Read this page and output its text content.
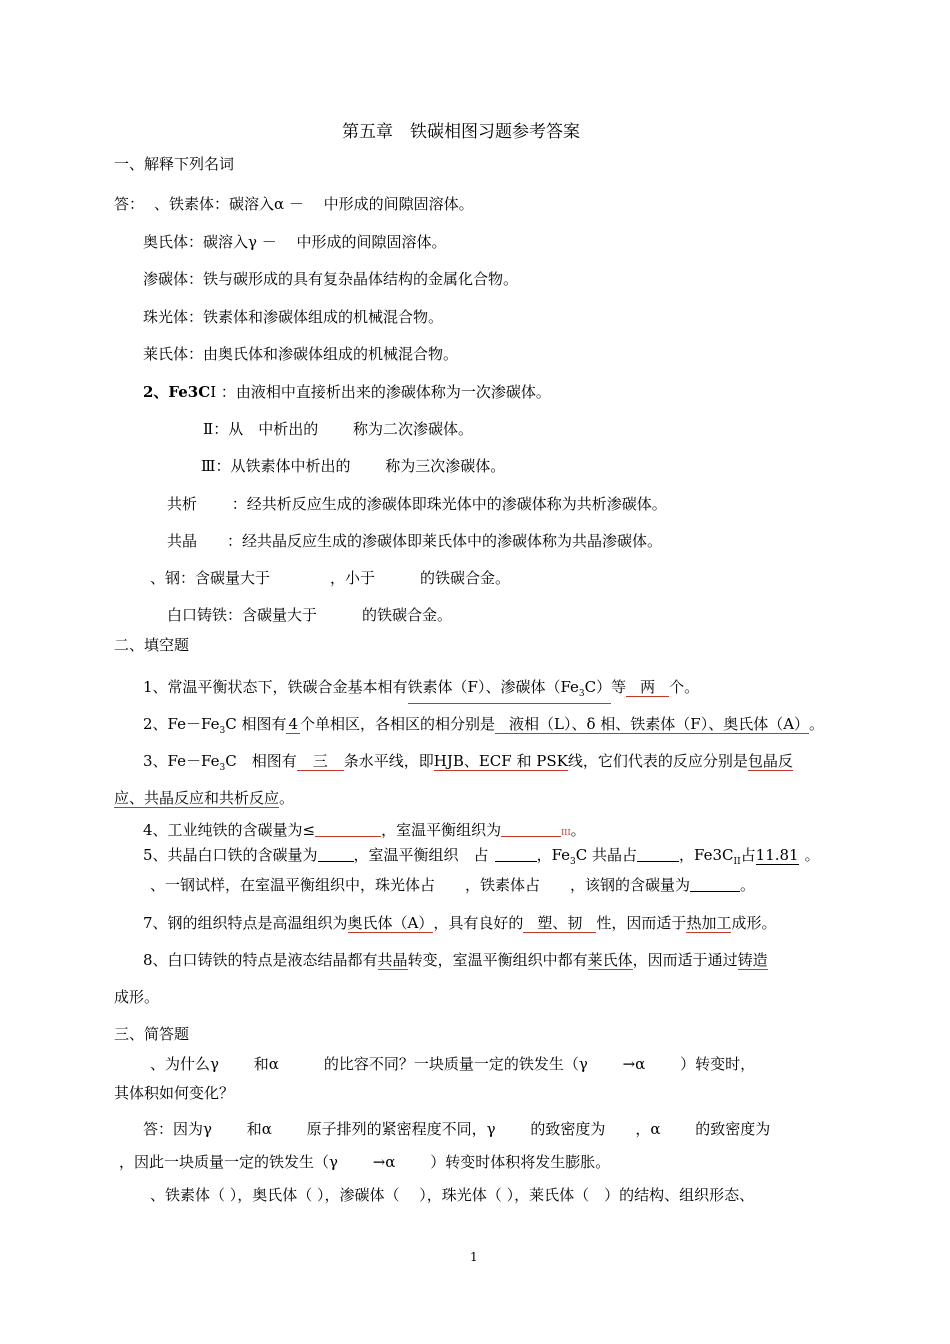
第五章　铁碳相图习题参考答案
一、解释下列名词
答： 、铁素体：碳溶入α －　 中形成的间隙固溶体。
奥氏体：碳溶入γ －　 中形成的间隙固溶体。
渗碳体：铁与碳形成的具有复杂晶体结构的金属化合物。
珠光体：铁素体和渗碳体组成的机械混合物。
莱氏体：由奥氏体和渗碳体组成的机械混合物。
2、Fe3CⅠ ：由液相中直接析出来的渗碳体称为一次渗碳体。
Ⅱ：从　中析出的　　 称为二次渗碳体。
Ⅲ：从铁素体中析出的　　 称为三次渗碳体。
共析　　 ：经共析反应生成的渗碳体即珠光体中的渗碳体称为共析渗碳体。
共晶　　：经共晶反应生成的渗碳体即莱氏体中的渗碳体称为共晶渗碳体。
、钢：含碳量大于　　　　，小于　　　的铁碳合金。
白口铸铁：含碳量大于　　　的铁碳合金。
二、填空题
1、常温平衡状态下，铁碳合金基本相有铁素体（F）、渗碳体$(Fe_3C)$等 两 个。
2、$Fe-Fe_3C$ 相图有 4 个单相区，各相区的相分别是 液相（L）、δ 相、铁素体（F）、奥氏体（A）。
3、$Fe-Fe_3C$　相图有 三 条水平线，即HJB、ECF 和 PSK线，它们代表的反应分别是包晶反
应、共晶反应和共析反应。
4、工业纯铁的含碳量为≤	，室温平衡组织为	III。
5、共晶白口铁的含碳量为 ，室温平衡组织　占	，$Fe_3C$ 共晶占	，$Fe3C_{II}$占11.81 。
、一钢试样，在室温平衡组织中，珠光体占　　，铁素体占　　，该钢的含碳量为	。
7、钢的组织特点是高温组织为奥氏体（A），具有良好的 塑、韧 性，因而适于热加工成形。
8、白口铸铁的特点是液态结晶都有共晶转变，室温平衡组织中都有莱氏体，因而适于通过铸造
成形。
三、简答题
、为什么γ　　 和α　　　的比容不同？一块质量一定的铁发生（γ　　 →α　　 ）转变时，
其体积如何变化？
答：因为γ　　 和α　　 原子排列的紧密程度不同，γ　　 的致密度为　　，α　　 的致密度为
，因此一块质量一定的铁发生（γ　　 →α　　 ）转变时体积将发生膨胀。
、铁素体（ ），奥氏体（ ），渗碳体（　 ），珠光体（ ），莱氏体（　）的结构、组织形态、
1
